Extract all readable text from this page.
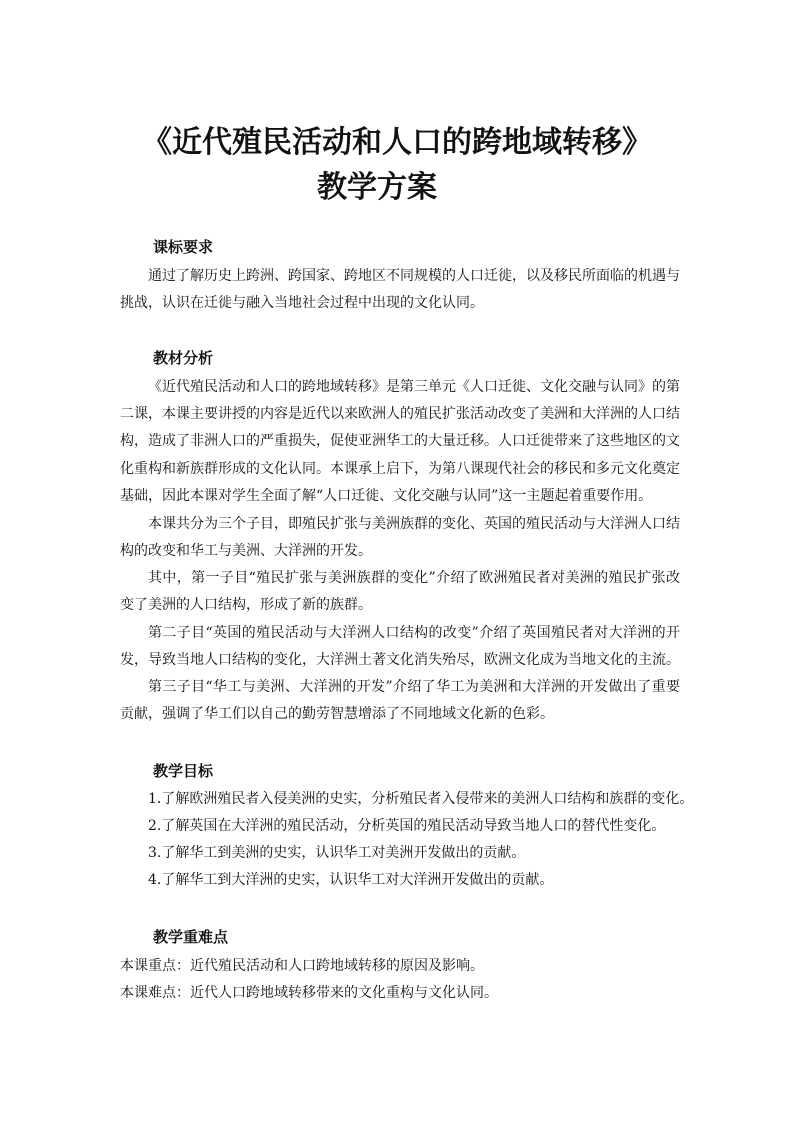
《近代殖民活动和人口的跨地域转移》
教学方案
课标要求

通过了解历史上跨洲、跨国家、跨地区不同规模的人口迁徙，以及移民所面临的机遇与挑战，认识在迁徙与融入当地社会过程中出现的文化认同。

教材分析

《近代殖民活动和人口的跨地域转移》是第三单元《人口迁徙、文化交融与认同》的第二课，本课主要讲授的内容是近代以来欧洲人的殖民扩张活动改变了美洲和大洋洲的人口结构，造成了非洲人口的严重损失，促使亚洲华工的大量迁移。人口迁徙带来了这些地区的文化重构和新族群形成的文化认同。本课承上启下，为第八课现代社会的移民和多元文化奠定基础，因此本课对学生全面了解“人口迁徙、文化交融与认同”这一主题起着重要作用。

本课共分为三个子目，即殖民扩张与美洲族群的变化、英国的殖民活动与大洋洲人口结构的改变和华工与美洲、大洋洲的开发。

其中，第一子目“殖民扩张与美洲族群的变化”介绍了欧洲殖民者对美洲的殖民扩张改变了美洲的人口结构，形成了新的族群。

第二子目“英国的殖民活动与大洋洲人口结构的改变”介绍了英国殖民者对大洋洲的开发，导致当地人口结构的变化，大洋洲土著文化消失殆尽，欧洲文化成为当地文化的主流。

第三子目“华工与美洲、大洋洲的开发”介绍了华工为美洲和大洋洲的开发做出了重要贡献，强调了华工们以自己的勤劳智慧增添了不同地域文化新的色彩。

教学目标

1.了解欧洲殖民者入侵美洲的史实，分析殖民者入侵带来的美洲人口结构和族群的变化。

2.了解英国在大洋洲的殖民活动，分析英国的殖民活动导致当地人口的替代性变化。

3.了解华工到美洲的史实，认识华工对美洲开发做出的贡献。

4.了解华工到大洋洲的史实，认识华工对大洋洲开发做出的贡献。

教学重难点

本课重点：近代殖民活动和人口跨地域转移的原因及影响。

本课难点：近代人口跨地域转移带来的文化重构与文化认同。
